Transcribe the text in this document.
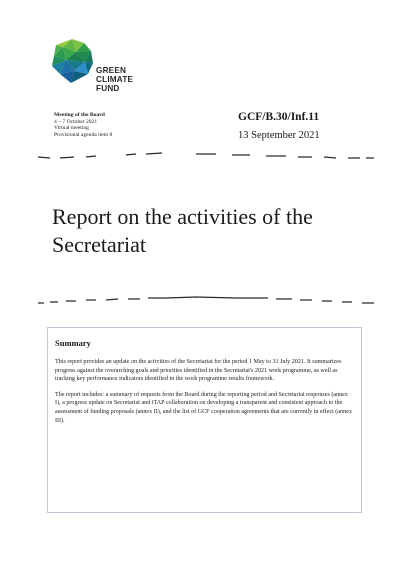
GREEN
CLIMATE
FUND
Meeting of the Board
4 – 7 October 2021
Virtual meeting
Provisional agenda item 8
GCF/B.30/Inf.11
13 September 2021
Report on the activities of the
Secretariat
Summary

This report provides an update on the activities of the Secretariat for the period 1 May to 31 July 2021. It summarizes progress against the overarching goals and priorities identified in the Secretariat's 2021 work programme, as well as tracking key performance indicators identified in the work programme results framework.

The report includes: a summary of requests from the Board during the reporting period and Secretariat responses (annex I), a progress update on Secretariat and iTAP collaboration on developing a transparent and consistent approach to the assessment of funding proposals (annex II), and the list of GCF cooperation agreements that are currently in effect (annex III).
